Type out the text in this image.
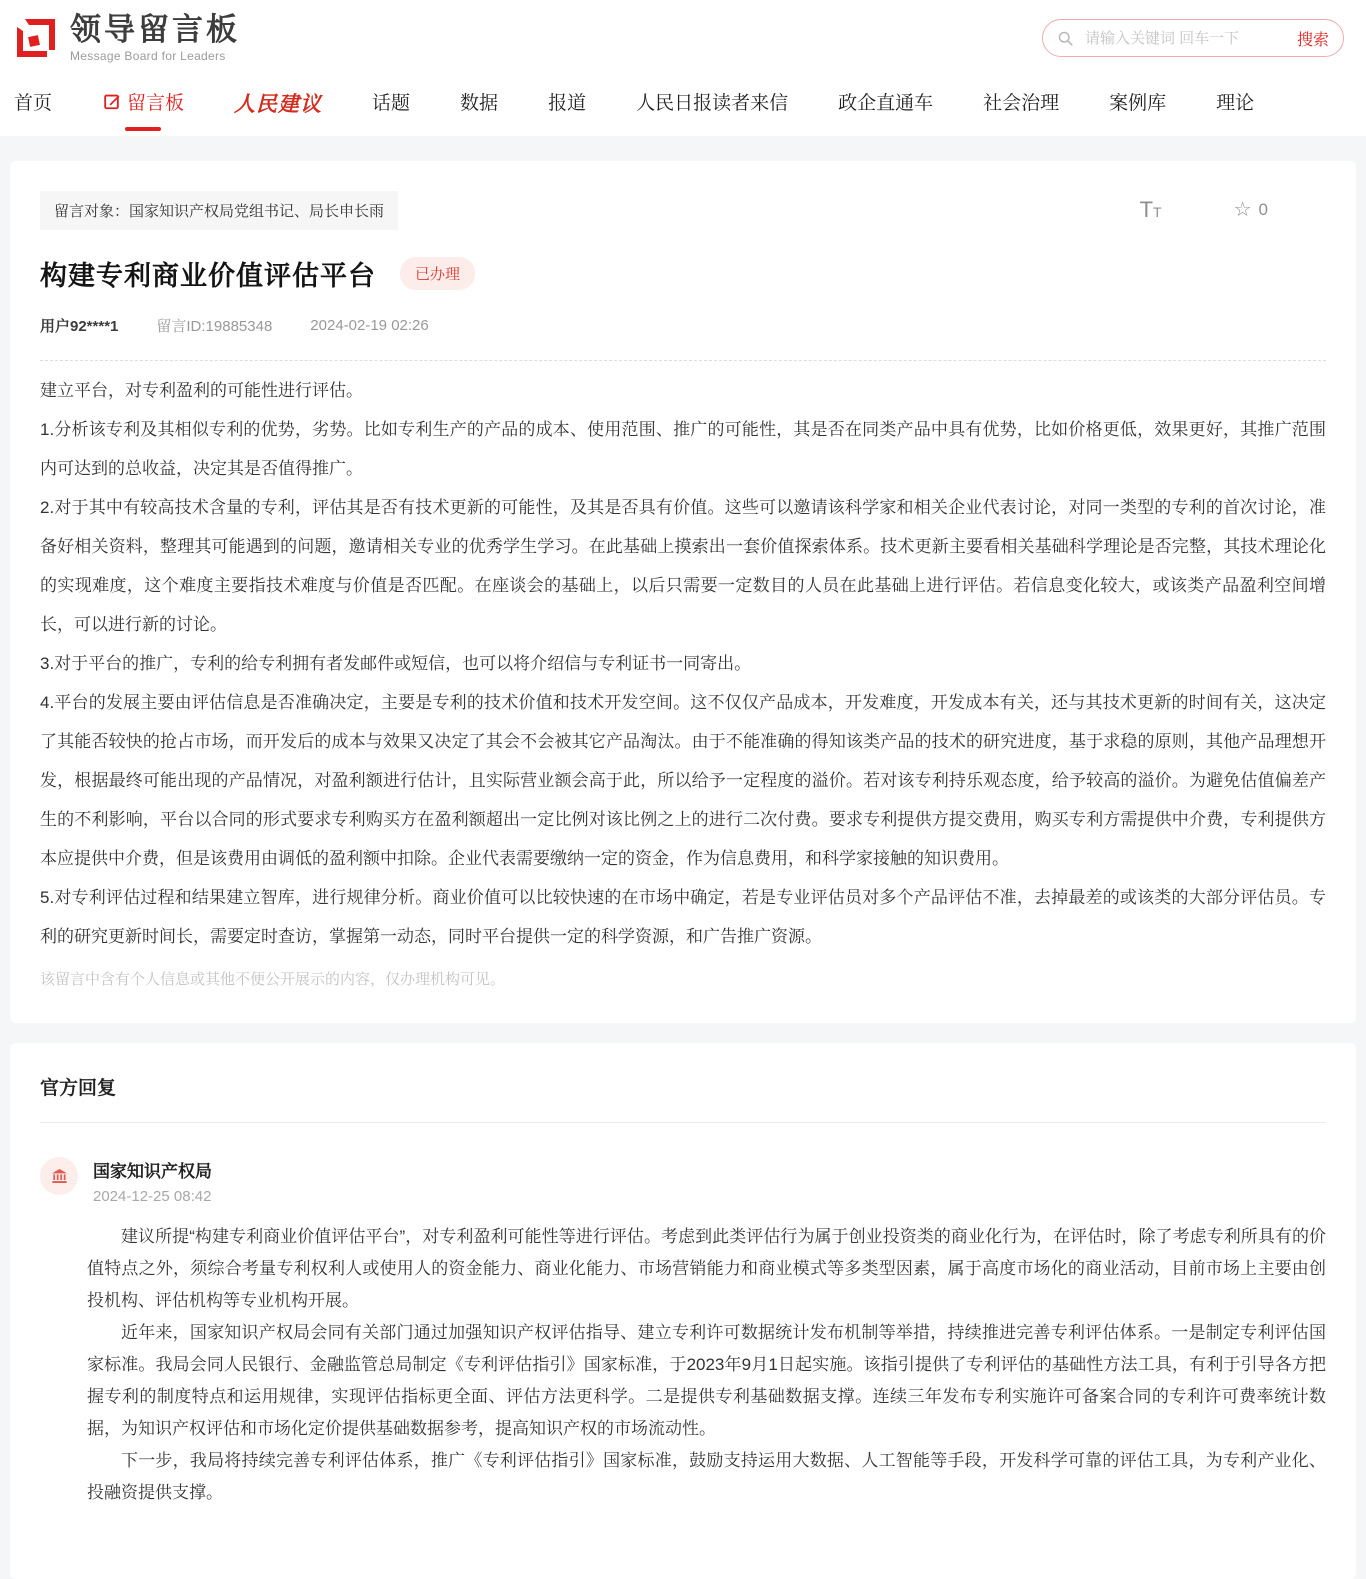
领导留言板
Message Board for Leaders
请输入关键词 回车一下
搜索
首页	留言板 人民建议	话题	数据	报道	人民日报读者来信	政企直通车	社会治理	案例库	理论
留言对象：国家知识产权局党组书记、局长申长雨	TT	☆ 0
构建专利商业价值评估平台	已办理
用户92****1	留言ID:19885348	2024-02-19 02:26

建立平台，对专利盈利的可能性进行评估。

1.分析该专利及其相似专利的优势，劣势。比如专利生产的产品的成本、使用范围、推广的可能性，其是否在同类产品中具有优势，比如价格更低，效果更好，其推广范围内可达到的总收益，决定其是否值得推广。

2.对于其中有较高技术含量的专利，评估其是否有技术更新的可能性，及其是否具有价值。这些可以邀请该科学家和相关企业代表讨论，对同一类型的专利的首次讨论，准备好相关资料，整理其可能遇到的问题，邀请相关专业的优秀学生学习。在此基础上摸索出一套价值探索体系。技术更新主要看相关基础科学理论是否完整，其技术理论化的实现难度，这个难度主要指技术难度与价值是否匹配。在座谈会的基础上，以后只需要一定数目的人员在此基础上进行评估。若信息变化较大，或该类产品盈利空间增长，可以进行新的讨论。

3.对于平台的推广，专利的给专利拥有者发邮件或短信，也可以将介绍信与专利证书一同寄出。

4.平台的发展主要由评估信息是否准确决定，主要是专利的技术价值和技术开发空间。这不仅仅产品成本，开发难度，开发成本有关，还与其技术更新的时间有关，这决定了其能否较快的抢占市场，而开发后的成本与效果又决定了其会不会被其它产品淘汰。由于不能准确的得知该类产品的技术的研究进度，基于求稳的原则，其他产品理想开发，根据最终可能出现的产品情况，对盈利额进行估计，且实际营业额会高于此，所以给予一定程度的溢价。若对该专利持乐观态度，给予较高的溢价。为避免估值偏差产生的不利影响，平台以合同的形式要求专利购买方在盈利额超出一定比例对该比例之上的进行二次付费。要求专利提供方提交费用，购买专利方需提供中介费，专利提供方本应提供中介费，但是该费用由调低的盈利额中扣除。企业代表需要缴纳一定的资金，作为信息费用，和科学家接触的知识费用。

5.对专利评估过程和结果建立智库，进行规律分析。商业价值可以比较快速的在市场中确定，若是专业评估员对多个产品评估不准，去掉最差的或该类的大部分评估员。专利的研究更新时间长，需要定时查访，掌握第一动态，同时平台提供一定的科学资源，和广告推广资源。

该留言中含有个人信息或其他不便公开展示的内容，仅办理机构可见。
官方回复
国家知识产权局
2024-12-25 08:42

建议所提“构建专利商业价值评估平台”，对专利盈利可能性等进行评估。考虑到此类评估行为属于创业投资类的商业化行为，在评估时，除了考虑专利所具有的价值特点之外，须综合考量专利权利人或使用人的资金能力、商业化能力、市场营销能力和商业模式等多类型因素，属于高度市场化的商业活动，目前市场上主要由创投机构、评估机构等专业机构开展。

近年来，国家知识产权局会同有关部门通过加强知识产权评估指导、建立专利许可数据统计发布机制等举措，持续推进完善专利评估体系。一是制定专利评估国家标准。我局会同人民银行、金融监管总局制定《专利评估指引》国家标准，于2023年9月1日起实施。该指引提供了专利评估的基础性方法工具，有利于引导各方把握专利的制度特点和运用规律，实现评估指标更全面、评估方法更科学。二是提供专利基础数据支撑。连续三年发布专利实施许可备案合同的专利许可费率统计数据，为知识产权评估和市场化定价提供基础数据参考，提高知识产权的市场流动性。

下一步，我局将持续完善专利评估体系，推广《专利评估指引》国家标准，鼓励支持运用大数据、人工智能等手段，开发科学可靠的评估工具，为专利产业化、投融资提供支撑。
